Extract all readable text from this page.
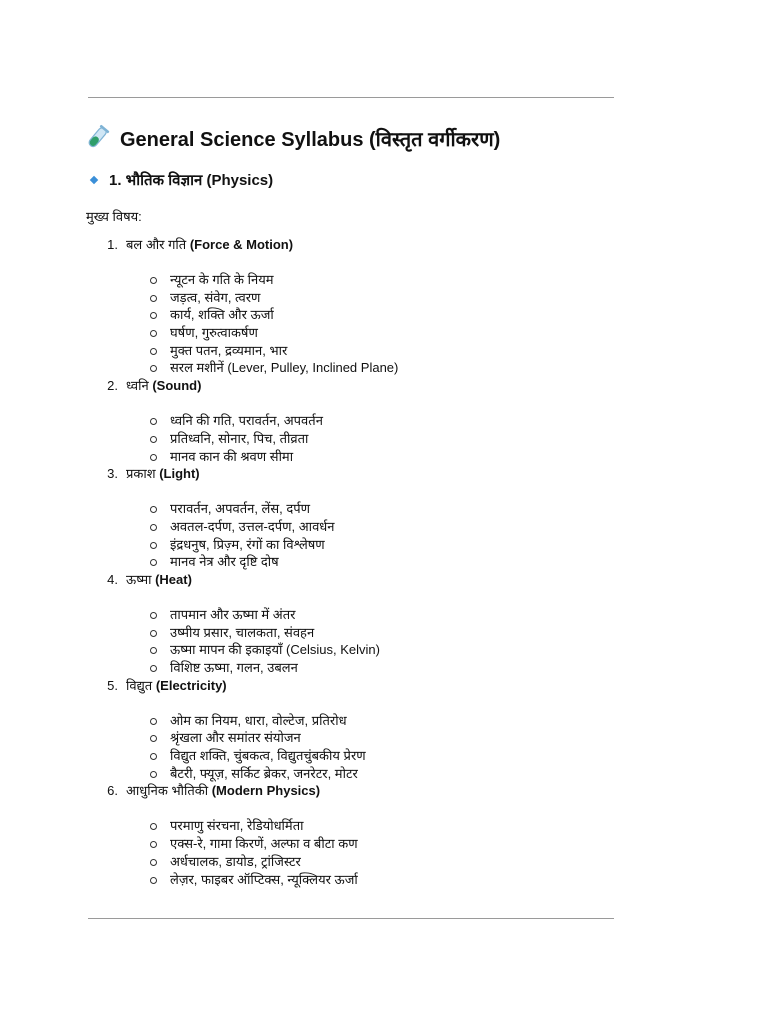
General Science Syllabus (विस्तृत वर्गीकरण)
1. भौतिक विज्ञान (Physics)
मुख्य विषय:
1. बल और गति (Force & Motion)
न्यूटन के गति के नियम
जड़त्व, संवेग, त्वरण
कार्य, शक्ति और ऊर्जा
घर्षण, गुरुत्वाकर्षण
मुक्त पतन, द्रव्यमान, भार
सरल मशीनें (Lever, Pulley, Inclined Plane)
2. ध्वनि (Sound)
ध्वनि की गति, परावर्तन, अपवर्तन
प्रतिध्वनि, सोनार, पिच, तीव्रता
मानव कान की श्रवण सीमा
3. प्रकाश (Light)
परावर्तन, अपवर्तन, लेंस, दर्पण
अवतल-दर्पण, उत्तल-दर्पण, आवर्धन
इंद्रधनुष, प्रिज़्म, रंगों का विश्लेषण
मानव नेत्र और दृष्टि दोष
4. ऊष्मा (Heat)
तापमान और ऊष्मा में अंतर
उष्मीय प्रसार, चालकता, संवहन
ऊष्मा मापन की इकाइयाँ (Celsius, Kelvin)
विशिष्ट ऊष्मा, गलन, उबलन
5. विद्युत (Electricity)
ओम का नियम, धारा, वोल्टेज, प्रतिरोध
श्रृंखला और समांतर संयोजन
विद्युत शक्ति, चुंबकत्व, विद्युतचुंबकीय प्रेरण
बैटरी, फ्यूज़, सर्किट ब्रेकर, जनरेटर, मोटर
6. आधुनिक भौतिकी (Modern Physics)
परमाणु संरचना, रेडियोधर्मिता
एक्स-रे, गामा किरणें, अल्फा व बीटा कण
अर्धचालक, डायोड, ट्रांजिस्टर
लेज़र, फाइबर ऑप्टिक्स, न्यूक्लियर ऊर्जा
